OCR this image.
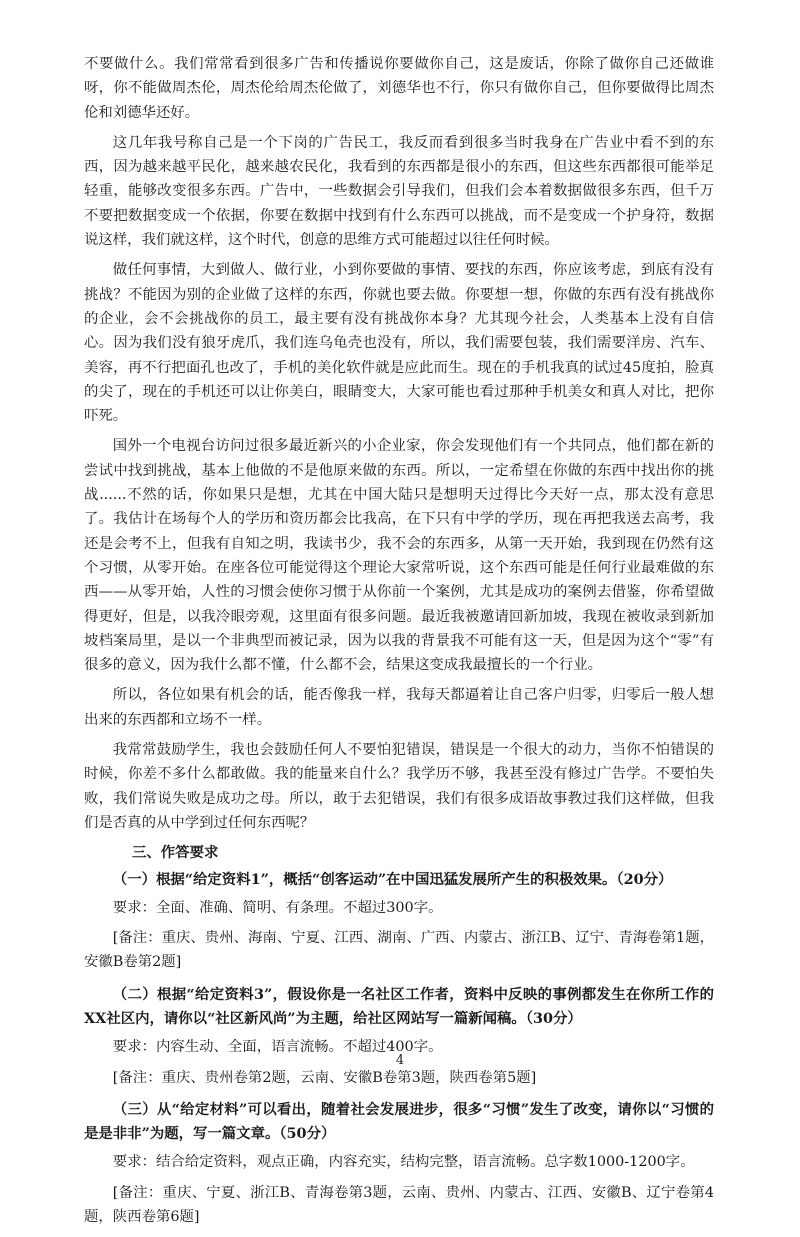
不要做什么。我们常常看到很多广告和传播说你要做你自己，这是废话，你除了做你自己还做谁呀，你不能做周杰伦，周杰伦给周杰伦做了，刘德华也不行，你只有做你自己，但你要做得比周杰伦和刘德华还好。

这几年我号称自己是一个下岗的广告民工，我反而看到很多当时我身在广告业中看不到的东西，因为越来越平民化，越来越农民化，我看到的东西都是很小的东西，但这些东西都很可能举足轻重，能够改变很多东西。广告中，一些数据会引导我们，但我们会本着数据做很多东西，但千万不要把数据变成一个依据，你要在数据中找到有什么东西可以挑战，而不是变成一个护身符，数据说这样，我们就这样，这个时代，创意的思维方式可能超过以往任何时候。

做任何事情，大到做人、做行业，小到你要做的事情、要找的东西，你应该考虑，到底有没有挑战？不能因为别的企业做了这样的东西，你就也要去做。你要想一想，你做的东西有没有挑战你的企业，会不会挑战你的员工，最主要有没有挑战你本身？尤其现今社会，人类基本上没有自信心。因为我们没有狼牙虎爪，我们连乌龟壳也没有，所以，我们需要包装，我们需要洋房、汽车、美容，再不行把面孔也改了，手机的美化软件就是应此而生。现在的手机我真的试过45度拍，脸真的尖了，现在的手机还可以让你美白，眼睛变大，大家可能也看过那种手机美女和真人对比，把你吓死。

国外一个电视台访问过很多最近新兴的小企业家，你会发现他们有一个共同点，他们都在新的尝试中找到挑战，基本上他做的不是他原来做的东西。所以，一定希望在你做的东西中找出你的挑战......不然的话，你如果只是想，尤其在中国大陆只是想明天过得比今天好一点，那太没有意思了。我估计在场每个人的学历和资历都会比我高，在下只有中学的学历，现在再把我送去高考，我还是会考不上，但我有自知之明，我读书少，我不会的东西多，从第一天开始，我到现在仍然有这个习惯，从零开始。在座各位可能觉得这个理论大家常听说，这个东西可能是任何行业最难做的东西——从零开始，人性的习惯会使你习惯于从你前一个案例，尤其是成功的案例去借鉴，你希望做得更好，但是，以我冷眼旁观，这里面有很多问题。最近我被邀请回新加坡，我现在被收录到新加坡档案局里，是以一个非典型而被记录，因为以我的背景我不可能有这一天，但是因为这个“零”有很多的意义，因为我什么都不懂，什么都不会，结果这变成我最擅长的一个行业。

所以，各位如果有机会的话，能否像我一样，我每天都逼着让自己客户归零，归零后一般人想出来的东西都和立场不一样。

我常常鼓励学生，我也会鼓励任何人不要怕犯错误，错误是一个很大的动力，当你不怕错误的时候，你差不多什么都敢做。我的能量来自什么？我学历不够，我甚至没有修过广告学。不要怕失败，我们常说失败是成功之母。所以，敢于去犯错误，我们有很多成语故事教过我们这样做，但我们是否真的从中学到过任何东西呢？

三、作答要求

（一）根据“给定资料1”，概括“创客运动”在中国迅猛发展所产生的积极效果。（20分）

要求：全面、准确、简明、有条理。不超过300字。

[备注：重庆、贵州、海南、宁夏、江西、湖南、广西、内蒙古、浙江B、辽宁、青海卷第1题，安徽B卷第2题]

（二）根据“给定资料3”，假设你是一名社区工作者，资料中反映的事例都发生在你所工作的XX社区内，请你以“社区新风尚”为主题，给社区网站写一篇新闻稿。（30分）

要求：内容生动、全面，语言流畅。不超过400字。

[备注：重庆、贵州卷第2题，云南、安徽B卷第3题，陕西卷第5题]

（三）从“给定材料”可以看出，随着社会发展进步，很多“习惯”发生了改变，请你以“习惯的是是非非”为题，写一篇文章。（50分）

要求：结合给定资料，观点正确，内容充实，结构完整，语言流畅。总字数1000-1200字。

[备注：重庆、宁夏、浙江B、青海卷第3题，云南、贵州、内蒙古、江西、安徽B、辽宁卷第4题，陕西卷第6题]

4
